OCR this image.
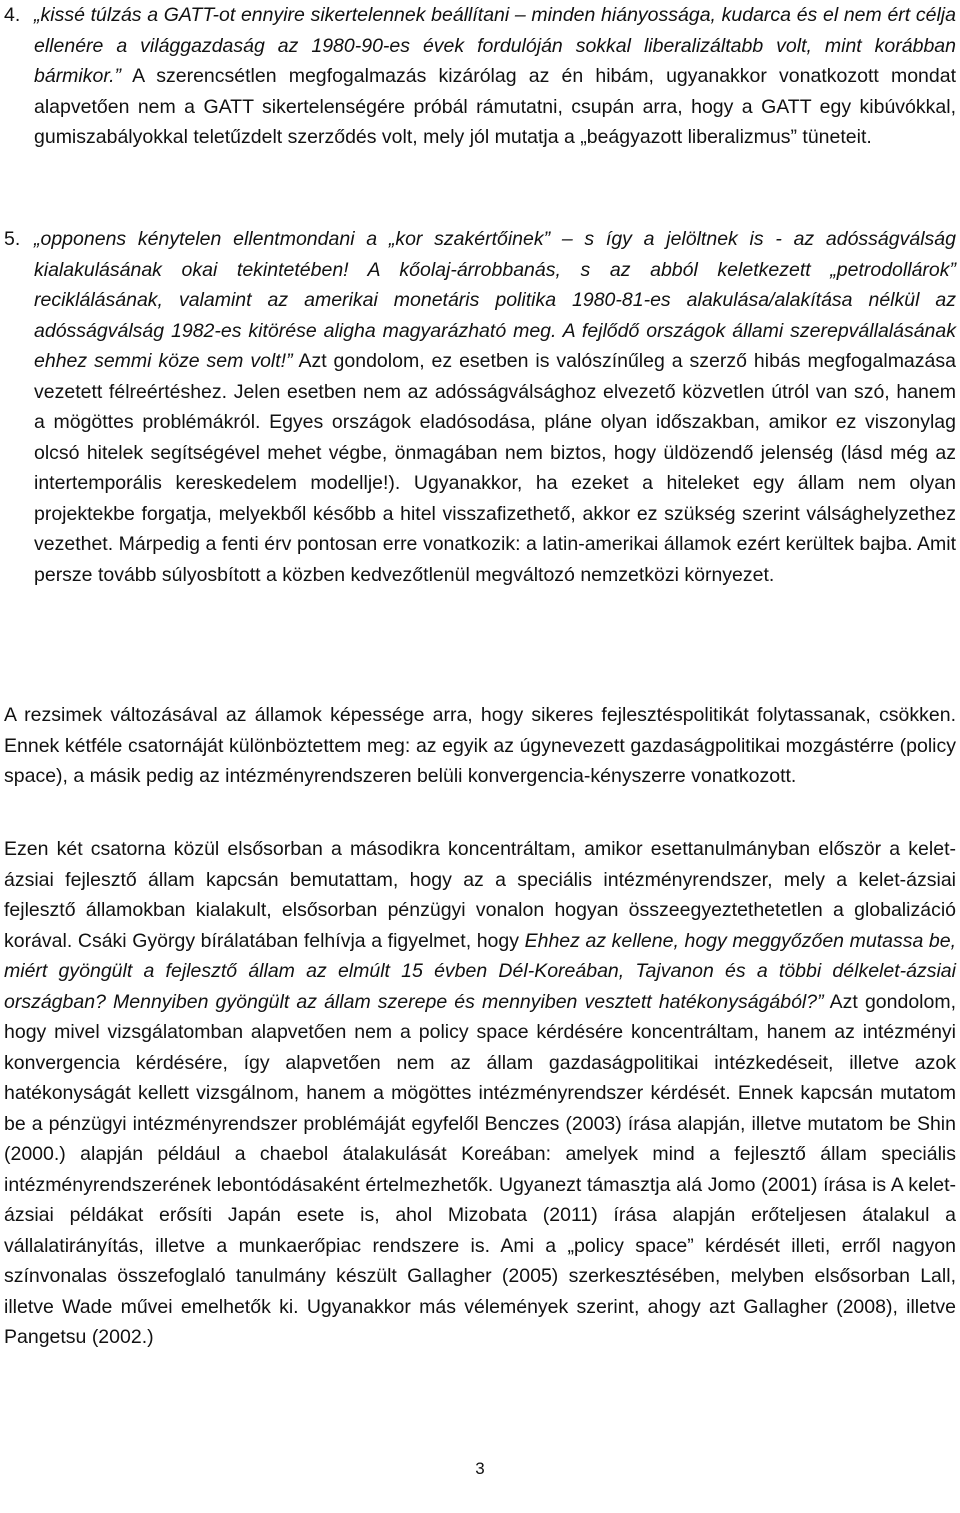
4. „kissé túlzás a GATT-ot ennyire sikertelennek beállítani – minden hiányossága, kudarca és el nem ért célja ellenére a világgazdaság az 1980-90-es évek fordulóján sokkal liberalizáltabb volt, mint korábban bármikor.” A szerencsétlen megfogalmazás kizárólag az én hibám, ugyanakkor vonatkozott mondat alapvetően nem a GATT sikertelenségére próbál rámutatni, csupán arra, hogy a GATT egy kibúvókkal, gumiszabályokkal teletűzdelt szerződés volt, mely jól mutatja a „beágyazott liberalizmus” tüneteit.
5. „opponens kénytelen ellentmondani a „kor szakértőinek” – s így a jelöltnek is - az adósságválság kialakulásának okai tekintetében! A kőolaj-árrobbanás, s az abból keletkezett „petrodollárok” reciklálásának, valamint az amerikai monetáris politika 1980-81-es alakulása/alakítása nélkül az adósságválság 1982-es kitörése aligha magyarázható meg. A fejlődő országok állami szerepvállalásának ehhez semmi köze sem volt!” Azt gondolom, ez esetben is valószínűleg a szerző hibás megfogalmazása vezetett félreértéshez. Jelen esetben nem az adósságválsághoz elvezető közvetlen útról van szó, hanem a mögöttes problémákról. Egyes országok eladósodása, pláne olyan időszakban, amikor ez viszonylag olcsó hitelek segítségével mehet végbe, önmagában nem biztos, hogy üldözendő jelenség (lásd még az intertemporális kereskedelem modellje!). Ugyanakkor, ha ezeket a hiteleket egy állam nem olyan projektekbe forgatja, melyekből később a hitel visszafizethető, akkor ez szükség szerint válsághelyzethez vezethet. Márpedig a fenti érv pontosan erre vonatkozik: a latin-amerikai államok ezért kerültek bajba. Amit persze tovább súlyosbított a közben kedvezőtlenül megváltozó nemzetközi környezet.
A rezsimek változásával az államok képessége arra, hogy sikeres fejlesztéspolitikát folytassanak, csökken. Ennek kétféle csatornáját különböztettem meg: az egyik az úgynevezett gazdaságpolitikai mozgástérre (policy space), a másik pedig az intézményrendszeren belüli konvergencia-kényszerre vonatkozott.
Ezen két csatorna közül elsősorban a másodikra koncentráltam, amikor esettanulmányban először a kelet-ázsiai fejlesztő állam kapcsán bemutattam, hogy az a speciális intézményrendszer, mely a kelet-ázsiai fejlesztő államokban kialakult, elsősorban pénzügyi vonalon hogyan összeegyeztethetetlen a globalizáció korával. Csáki György bírálatában felhívja a figyelmet, hogy Ehhez az kellene, hogy meggyőzően mutassa be, miért gyöngült a fejlesztő állam az elmúlt 15 évben Dél-Koreában, Tajvanon és a többi délkelet-ázsiai országban? Mennyiben gyöngült az állam szerepe és mennyiben vesztett hatékonyságából?” Azt gondolom, hogy mivel vizsgálatomban alapvetően nem a policy space kérdésére koncentráltam, hanem az intézményi konvergencia kérdésére, így alapvetően nem az állam gazdaságpolitikai intézkedéseit, illetve azok hatékonyságát kellett vizsgálnom, hanem a mögöttes intézményrendszer kérdését. Ennek kapcsán mutatom be a pénzügyi intézményrendszer problémáját egyfelől Benczes (2003) írása alapján, illetve mutatom be Shin (2000.) alapján például a chaebol átalakulását Koreában: amelyek mind a fejlesztő állam speciális intézményrendszerének lebontódásaként értelmezhetők. Ugyanezt támasztja alá Jomo (2001) írása is A kelet-ázsiai példákat erősíti Japán esete is, ahol Mizobata (2011) írása alapján erőteljesen átalakul a vállalatirányítás, illetve a munkaerőpiac rendszere is. Ami a „policy space” kérdését illeti, erről nagyon színvonalas összefoglaló tanulmány készült Gallagher (2005) szerkesztésében, melyben elsősorban Lall, illetve Wade művei emelhetők ki. Ugyanakkor más vélemények szerint, ahogy azt Gallagher (2008), illetve Pangetsu (2002.)
3
